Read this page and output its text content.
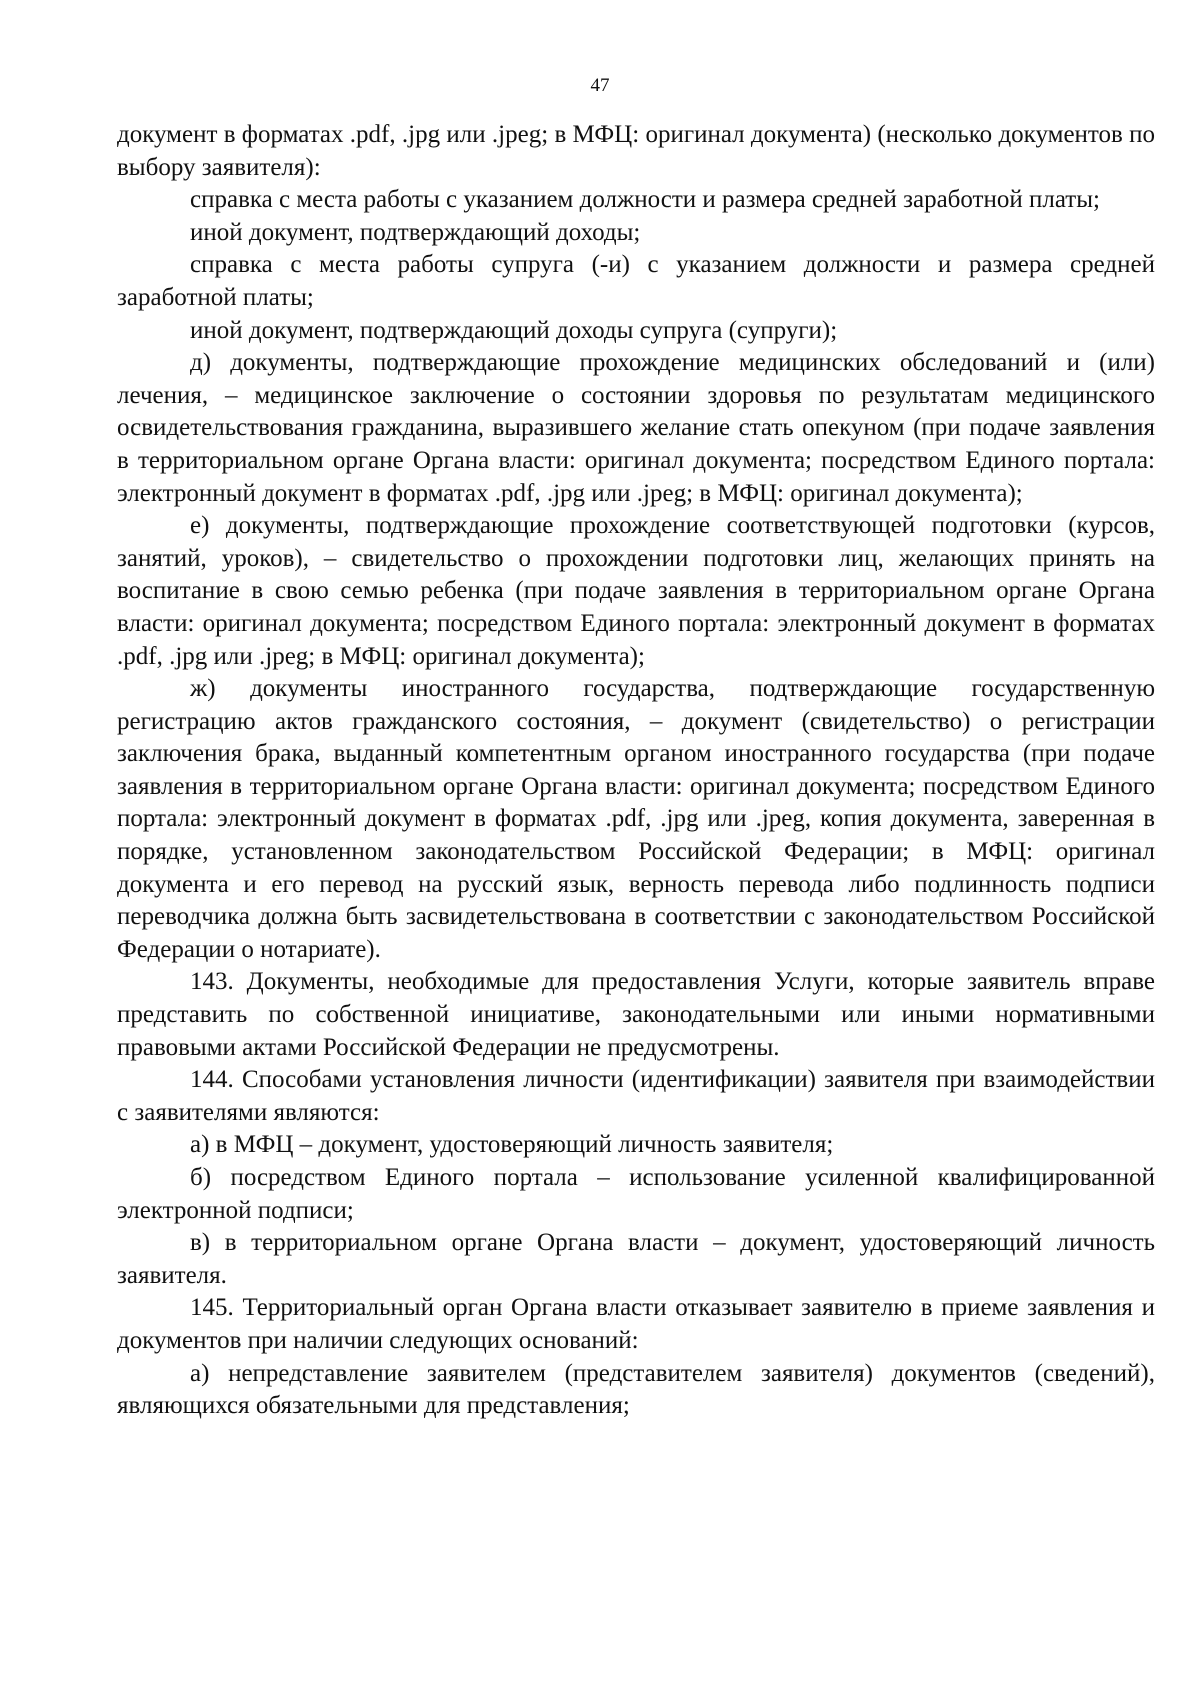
47

документ в форматах .pdf, .jpg или .jpeg; в МФЦ: оригинал документа) (несколько документов по выбору заявителя):

справка с места работы с указанием должности и размера средней заработной платы;

иной документ, подтверждающий доходы;

справка с места работы супруга (-и) с указанием должности и размера средней заработной платы;

иной документ, подтверждающий доходы супруга (супруги);

д) документы, подтверждающие прохождение медицинских обследований и (или) лечения, – медицинское заключение о состоянии здоровья по результатам медицинского освидетельствования гражданина, выразившего желание стать опекуном (при подаче заявления в территориальном органе Органа власти: оригинал документа; посредством Единого портала: электронный документ в форматах .pdf, .jpg или .jpeg; в МФЦ: оригинал документа);

е) документы, подтверждающие прохождение соответствующей подготовки (курсов, занятий, уроков), – свидетельство о прохождении подготовки лиц, желающих принять на воспитание в свою семью ребенка (при подаче заявления в территориальном органе Органа власти: оригинал документа; посредством Единого портала: электронный документ в форматах .pdf, .jpg или .jpeg; в МФЦ: оригинал документа);

ж) документы иностранного государства, подтверждающие государственную регистрацию актов гражданского состояния, – документ (свидетельство) о регистрации заключения брака, выданный компетентным органом иностранного государства (при подаче заявления в территориальном органе Органа власти: оригинал документа; посредством Единого портала: электронный документ в форматах .pdf, .jpg или .jpeg, копия документа, заверенная в порядке, установленном законодательством Российской Федерации; в МФЦ: оригинал документа и его перевод на русский язык, верность перевода либо подлинность подписи переводчика должна быть засвидетельствована в соответствии с законодательством Российской Федерации о нотариате).

143. Документы, необходимые для предоставления Услуги, которые заявитель вправе представить по собственной инициативе, законодательными или иными нормативными правовыми актами Российской Федерации не предусмотрены.

144. Способами установления личности (идентификации) заявителя при взаимодействии с заявителями являются:

а) в МФЦ – документ, удостоверяющий личность заявителя;

б) посредством Единого портала – использование усиленной квалифицированной электронной подписи;

в) в территориальном органе Органа власти – документ, удостоверяющий личность заявителя.

145. Территориальный орган Органа власти отказывает заявителю в приеме заявления и документов при наличии следующих оснований:

а) непредставление заявителем (представителем заявителя) документов (сведений), являющихся обязательными для представления;
